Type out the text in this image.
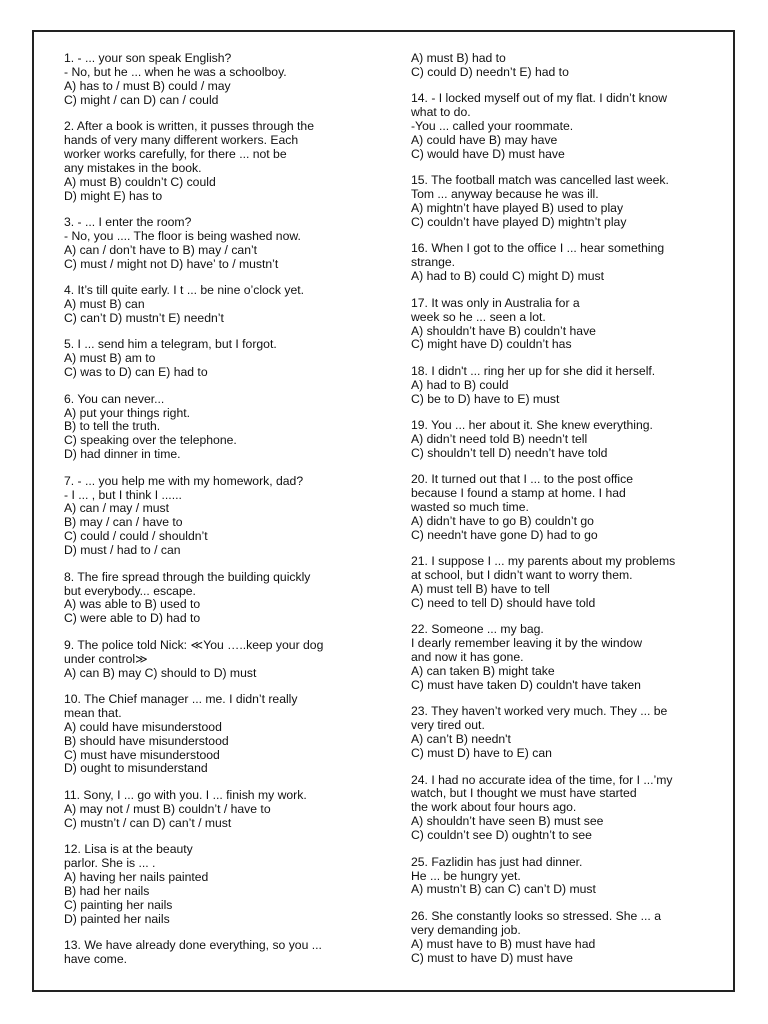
1. - ... your son speak English?
- No, but he ... when he was a schoolboy.
A) has to / must B) could / may
C) might / can D) can / could
2. After a book is written, it pusses through the
hands of very many different workers. Each
worker works carefully, for there ... not be
any mistakes in the book.
A) must B) couldn’t C) could
D) might E) has to
3. - ... I enter the room?
- No, you .... The floor is being washed now.
A) can / don’t have to B) may / can’t
C) must / might not D) have’ to / mustn’t
4. It’s till quite early. I t ... be nine o’clock yet.
A) must B) can
C) can’t D) mustn’t E) needn’t
5. I ... send him a telegram, but I forgot.
A) must B) am to
C) was to D) can E) had to
6. You can never...
A) put your things right.
B) to tell the truth.
C) speaking over the telephone.
D) had dinner in time.
7. - ... you help me with my homework, dad?
- I ... , but I think I ......
A) can / may / must
B) may / can / have to
C) could / could / shouldn’t
D) must / had to / can
8. The fire spread through the building quickly
but everybody... escape.
A) was able to B) used to
C) were able to D) had to
9. The police told Nick: ≪You …..keep your dog
under control≫
A) can B) may C) should to D) must
10. The Chief manager ... me. I didn’t really
mean that.
A) could have misunderstood
B) should have misunderstood
C) must have misunderstood
D) ought to misunderstand
11. Sony, I ... go with you. I ... finish my work.
A) may not / must B) couldn’t / have to
C) mustn’t / can D) can’t / must
12. Lisa is at the beauty
parlor. She is ... .
A) having her nails painted
B) had her nails
C) painting her nails
D) painted her nails
13. We have already done everything, so you ...
have come.
A) must B) had to
C) could D) needn’t E) had to
14. - I locked myself out of my flat. I didn’t know
what to do.
-You ... called your roommate.
A) could have B) may have
C) would have D) must have
15. The football match was cancelled last week.
Tom ... anyway because he was ill.
A) mightn’t have played B) used to play
C) couldn’t have played D) mightn’t play
16. When I got to the office I ... hear something
strange.
A) had to B) could C) might D) must
17. It was only in Australia for a
week so he ... seen a lot.
A) shouldn’t have B) couldn’t have
C) might have D) couldn’t has
18. I didn't ... ring her up for she did it herself.
A) had to B) could
C) be to D) have to E) must
19. You ... her about it. She knew everything.
A) didn’t need told B) needn’t tell
C) shouldn’t tell D) needn’t have told
20. It turned out that I ... to the post office
because I found a stamp at home. I had
wasted so much time.
A) didn’t have to go B) couldn’t go
C) needn't have gone D) had to go
21. I suppose I ... my parents about my problems
at school, but I didn’t want to worry them.
A) must tell B) have to tell
C) need to tell D) should have told
22. Someone ... my bag.
I dearly remember leaving it by the window
and now it has gone.
A) can taken B) might take
C) must have taken D) couldn't have taken
23. They haven’t worked very much. They ... be
very tired out.
A) can’t B) needn't
C) must D) have to E) can
24. I had no accurate idea of the time, for I ...’my
watch, but I thought we must have started
the work about four hours ago.
A) shouldn’t have seen B) must see
C) couldn’t see D) oughtn’t to see
25. Fazlidin has just had dinner.
He ... be hungry yet.
A) mustn’t B) can C) can’t D) must
26. She constantly looks so stressed. She ... a
very demanding job.
A) must have to B) must have had
C) must to have D) must have
